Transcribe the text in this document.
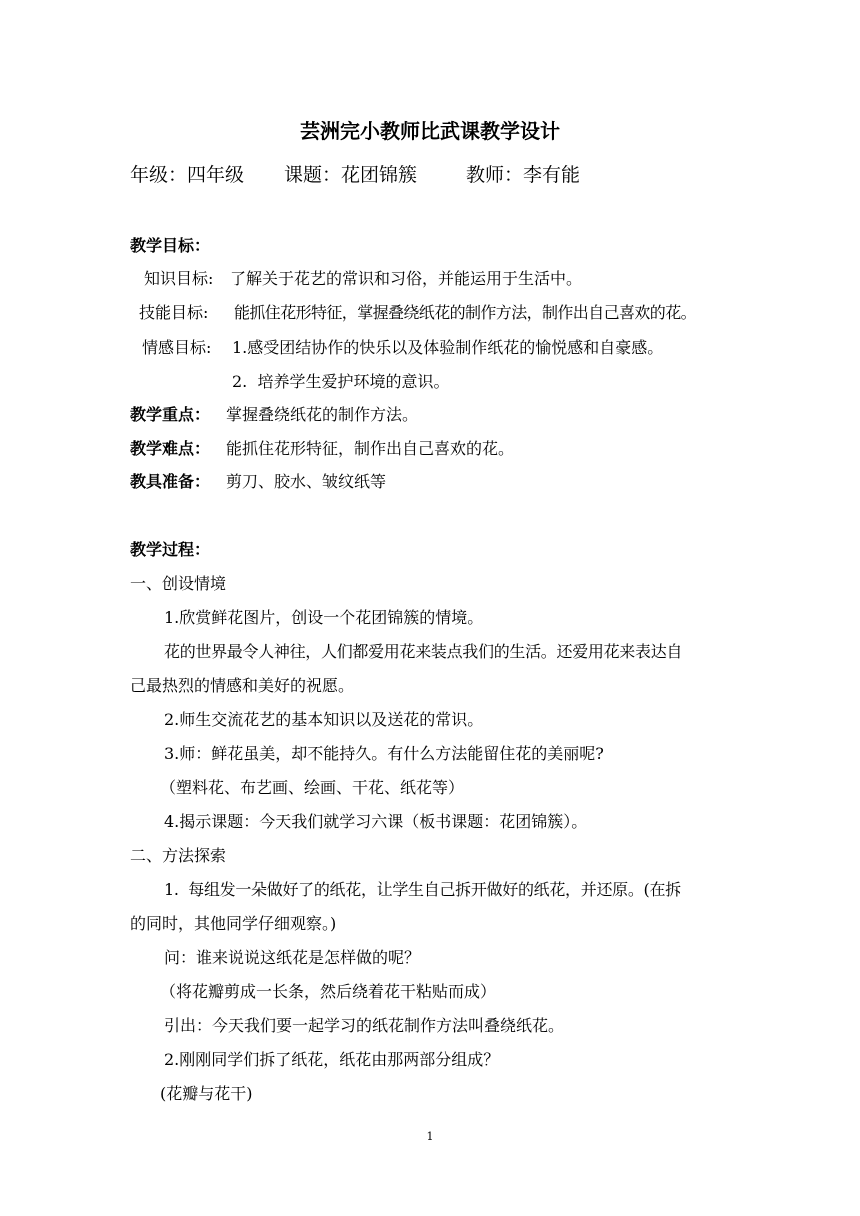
芸洲完小教师比武课教学设计
年级：四年级 课题：花团锦簇	教师：李有能
教学目标：
知识目标: 了解关于花艺的常识和习俗，并能运用于生活中。
技能目标: 能抓住花形特征，掌握叠绕纸花的制作方法，制作出自己喜欢的花。
情感目标: 1.感受团结协作的快乐以及体验制作纸花的愉悦感和自豪感。
2.  培养学生爱护环境的意识。
教学重点： 掌握叠绕纸花的制作方法。
教学难点： 能抓住花形特征，制作出自己喜欢的花。
教具准备： 剪刀、胶水、皱纹纸等
教学过程：
一、创设情境
1.欣赏鲜花图片，创设一个花团锦簇的情境。
花的世界最令人神往，人们都爱用花来装点我们的生活。还爱用花来表达自
己最热烈的情感和美好的祝愿。
2.师生交流花艺的基本知识以及送花的常识。
3.师：鲜花虽美，却不能持久。有什么方法能留住花的美丽呢?
（塑料花、布艺画、绘画、干花、纸花等）
4.揭示课题：今天我们就学习六课（板书课题：花团锦簇）。
二、方法探索
1.  每组发一朵做好了的纸花，让学生自己拆开做好的纸花，并还原。(在拆
的同时，其他同学仔细观察。)
问：谁来说说这纸花是怎样做的呢？
（将花瓣剪成一长条，然后绕着花干粘贴而成）
引出：今天我们要一起学习的纸花制作方法叫叠绕纸花。
2.刚刚同学们拆了纸花，纸花由那两部分组成？
(花瓣与花干)
1
